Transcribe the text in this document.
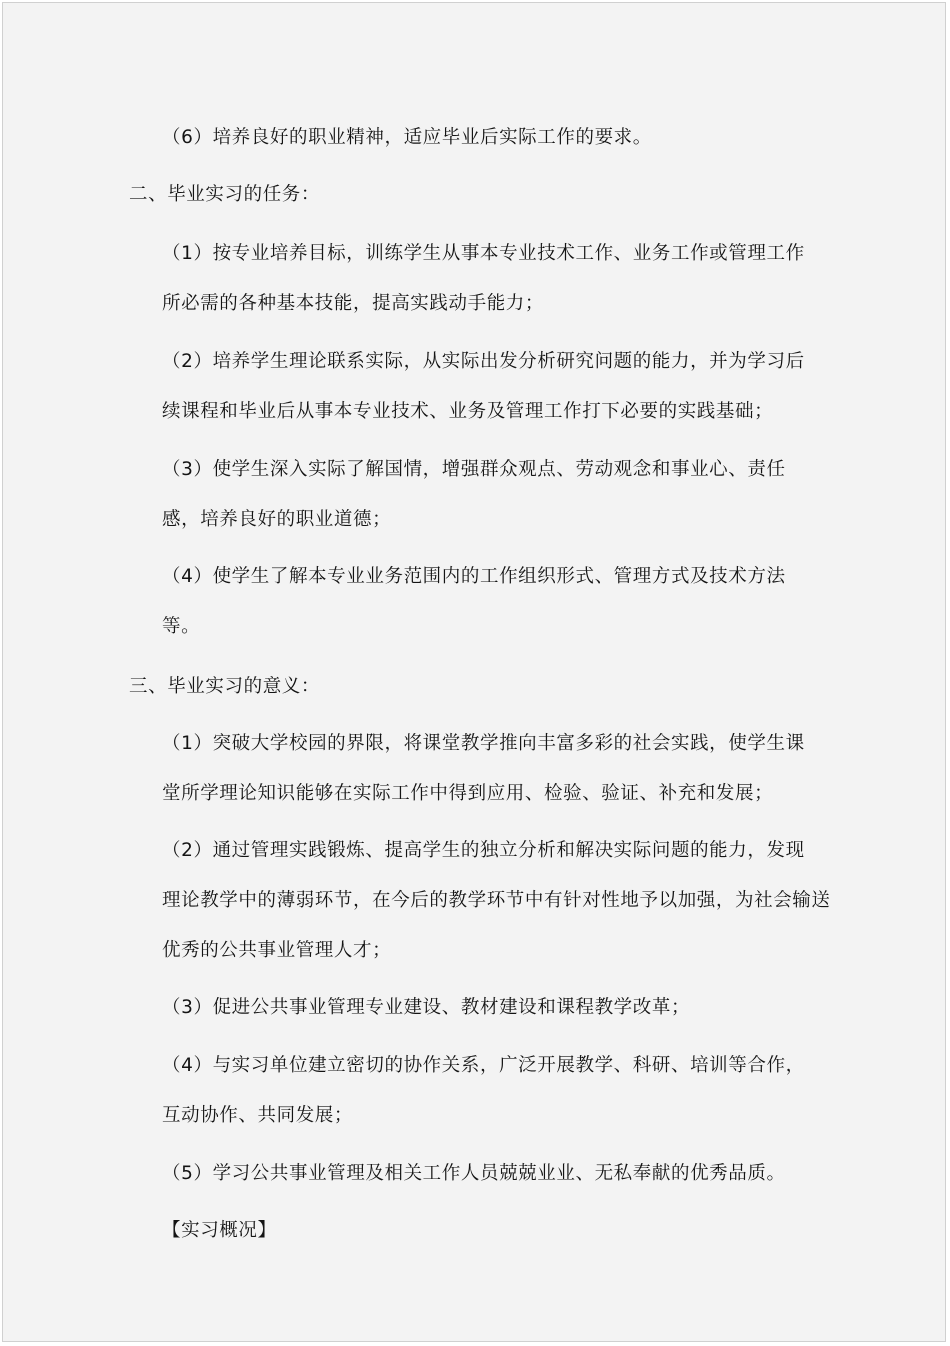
（6）培养良好的职业精神，适应毕业后实际工作的要求。

二、毕业实习的任务：

（1）按专业培养目标，训练学生从事本专业技术工作、业务工作或管理工作
所必需的各种基本技能，提高实践动手能力；

（2）培养学生理论联系实际，从实际出发分析研究问题的能力，并为学习后
续课程和毕业后从事本专业技术、业务及管理工作打下必要的实践基础；

（3）使学生深入实际了解国情，增强群众观点、劳动观念和事业心、责任
感，培养良好的职业道德；

（4）使学生了解本专业业务范围内的工作组织形式、管理方式及技术方法
等。

三、毕业实习的意义：

（1）突破大学校园的界限，将课堂教学推向丰富多彩的社会实践，使学生课
堂所学理论知识能够在实际工作中得到应用、检验、验证、补充和发展；

（2）通过管理实践锻炼、提高学生的独立分析和解决实际问题的能力，发现
理论教学中的薄弱环节，在今后的教学环节中有针对性地予以加强，为社会输送
优秀的公共事业管理人才；

（3）促进公共事业管理专业建设、教材建设和课程教学改革；

（4）与实习单位建立密切的协作关系，广泛开展教学、科研、培训等合作，
互动协作、共同发展；

（5）学习公共事业管理及相关工作人员兢兢业业、无私奉献的优秀品质。

【实习概况】
